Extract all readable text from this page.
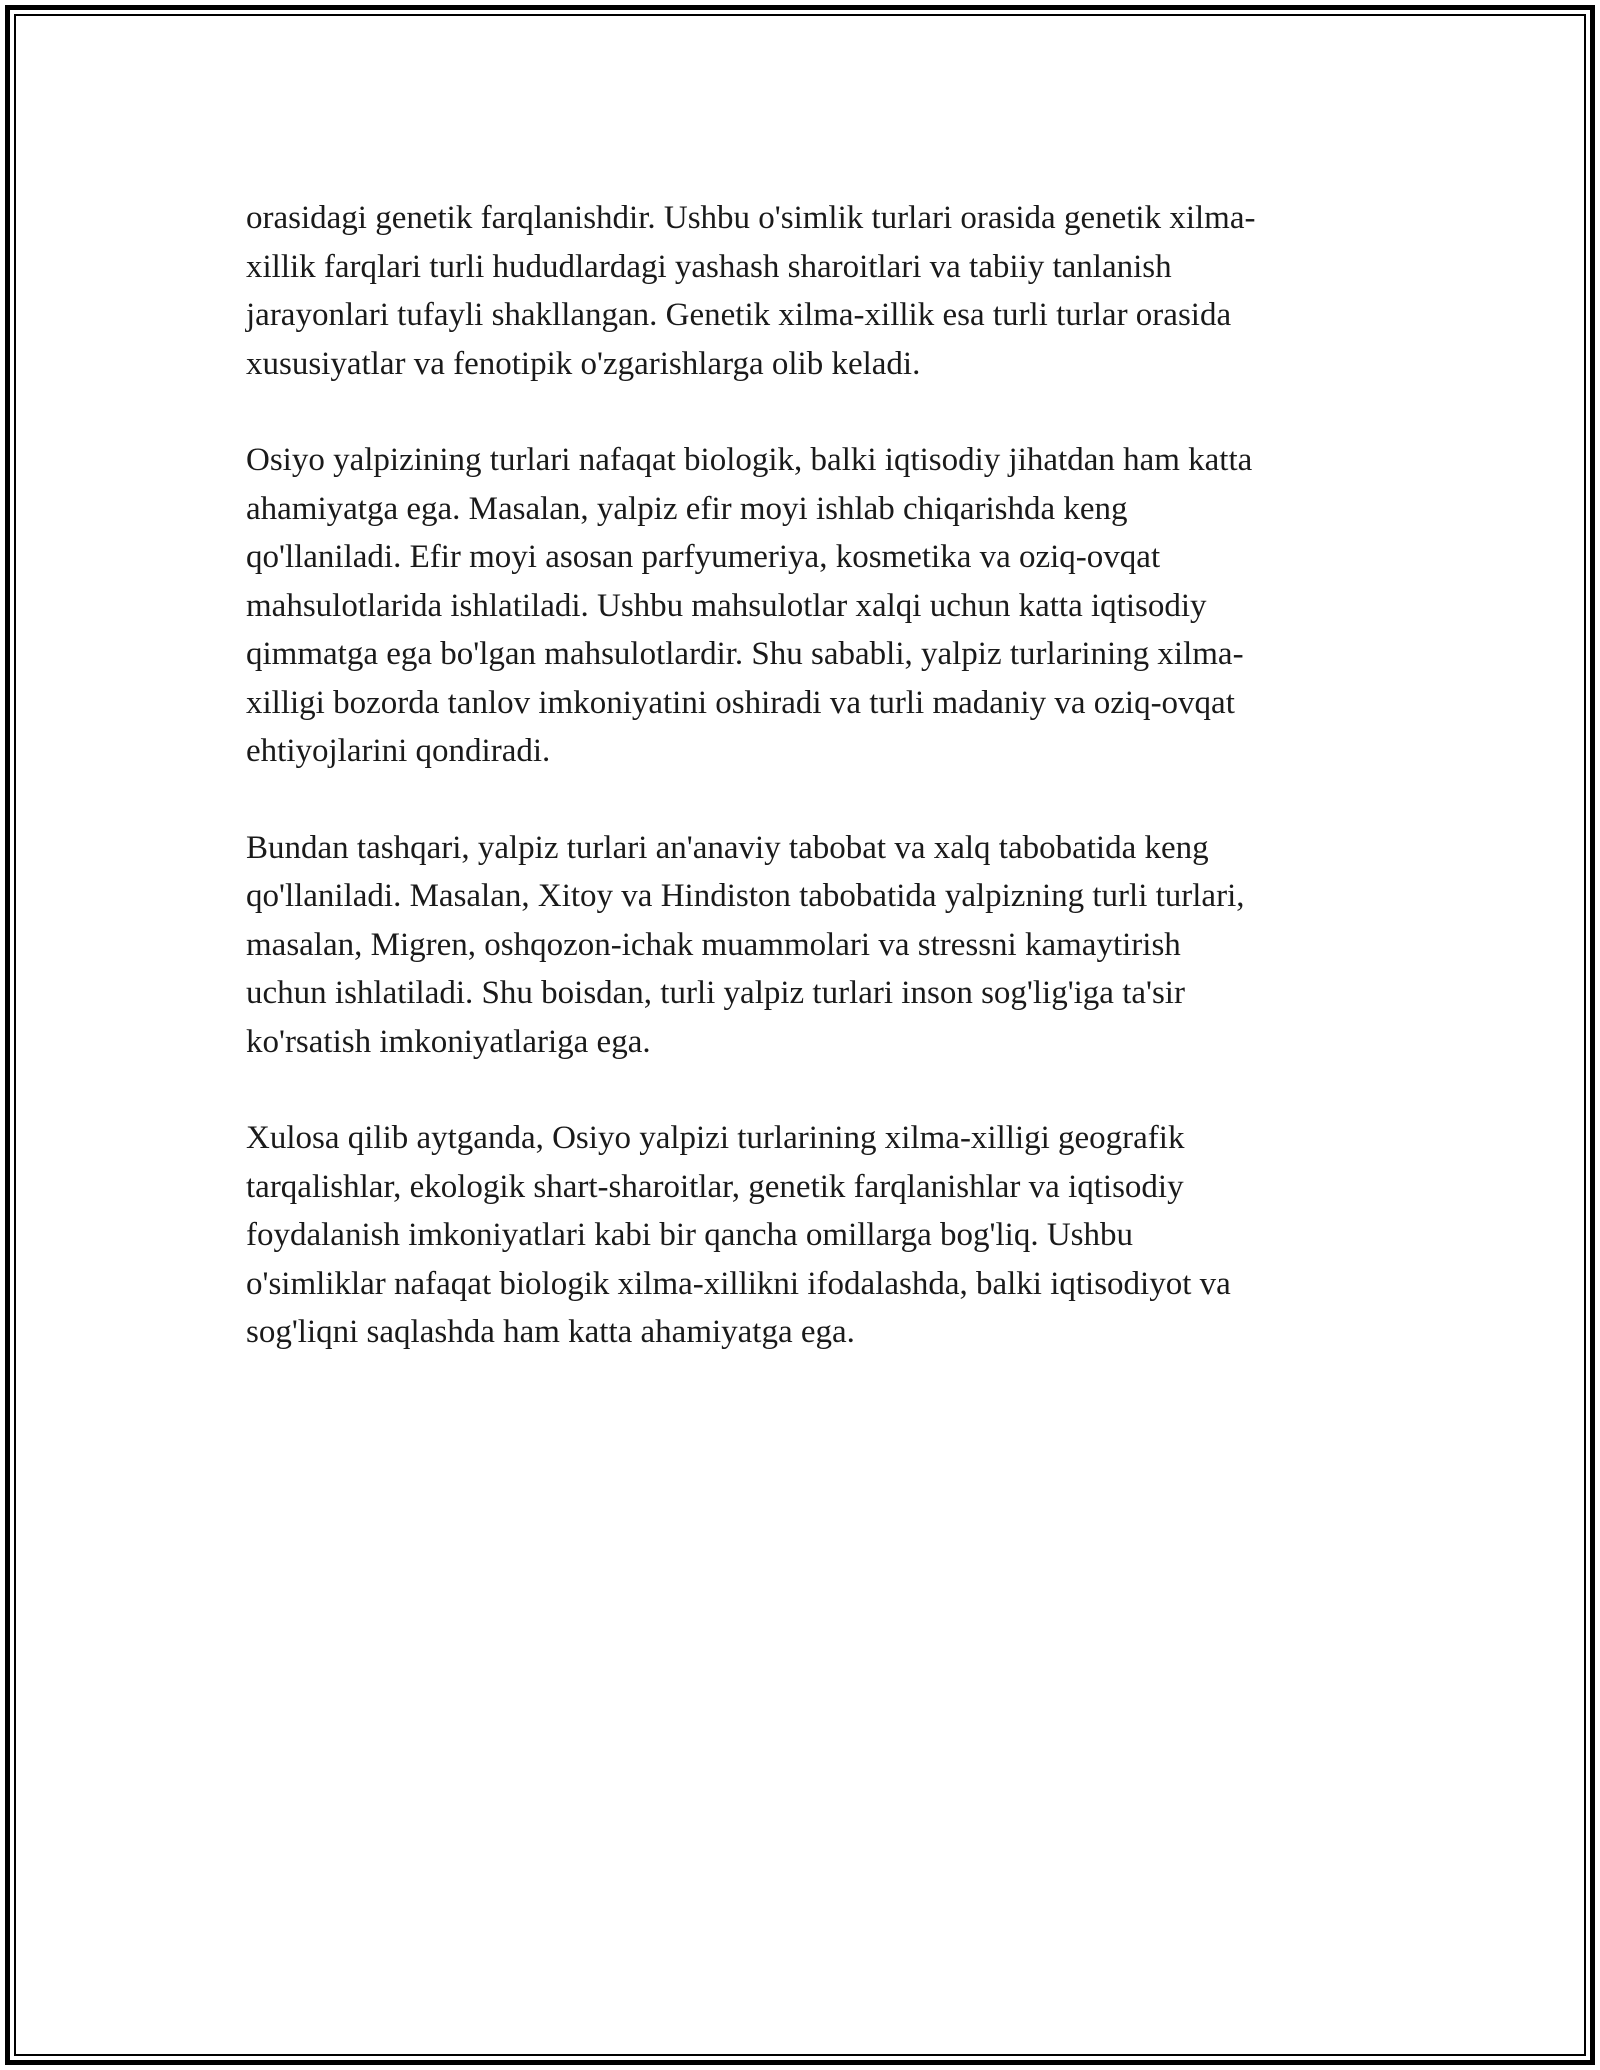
orasidagi genetik farqlanishdir. Ushbu o'simlik turlari orasida genetik xilma-
xillik farqlari turli hududlardagi yashash sharoitlari va tabiiy tanlanish
jarayonlari tufayli shakllangan. Genetik xilma-xillik esa turli turlar orasida
xususiyatlar va fenotipik o'zgarishlarga olib keladi.

Osiyo yalpizining turlari nafaqat biologik, balki iqtisodiy jihatdan ham katta
ahamiyatga ega. Masalan, yalpiz efir moyi ishlab chiqarishda keng
qo'llaniladi. Efir moyi asosan parfyumeriya, kosmetika va oziq-ovqat
mahsulotlarida ishlatiladi. Ushbu mahsulotlar xalqi uchun katta iqtisodiy
qimmatga ega bo'lgan mahsulotlardir. Shu sababli, yalpiz turlarining xilma-
xilligi bozorda tanlov imkoniyatini oshiradi va turli madaniy va oziq-ovqat
ehtiyojlarini qondiradi.

Bundan tashqari, yalpiz turlari an'anaviy tabobat va xalq tabobatida keng
qo'llaniladi. Masalan, Xitoy va Hindiston tabobatida yalpizning turli turlari,
masalan, Migren, oshqozon-ichak muammolari va stressni kamaytirish
uchun ishlatiladi. Shu boisdan, turli yalpiz turlari inson sog'lig'iga ta'sir
ko'rsatish imkoniyatlariga ega.

Xulosa qilib aytganda, Osiyo yalpizi turlarining xilma-xilligi geografik
tarqalishlar, ekologik shart-sharoitlar, genetik farqlanishlar va iqtisodiy
foydalanish imkoniyatlari kabi bir qancha omillarga bog'liq. Ushbu
o'simliklar nafaqat biologik xilma-xillikni ifodalashda, balki iqtisodiyot va
sog'liqni saqlashda ham katta ahamiyatga ega.
